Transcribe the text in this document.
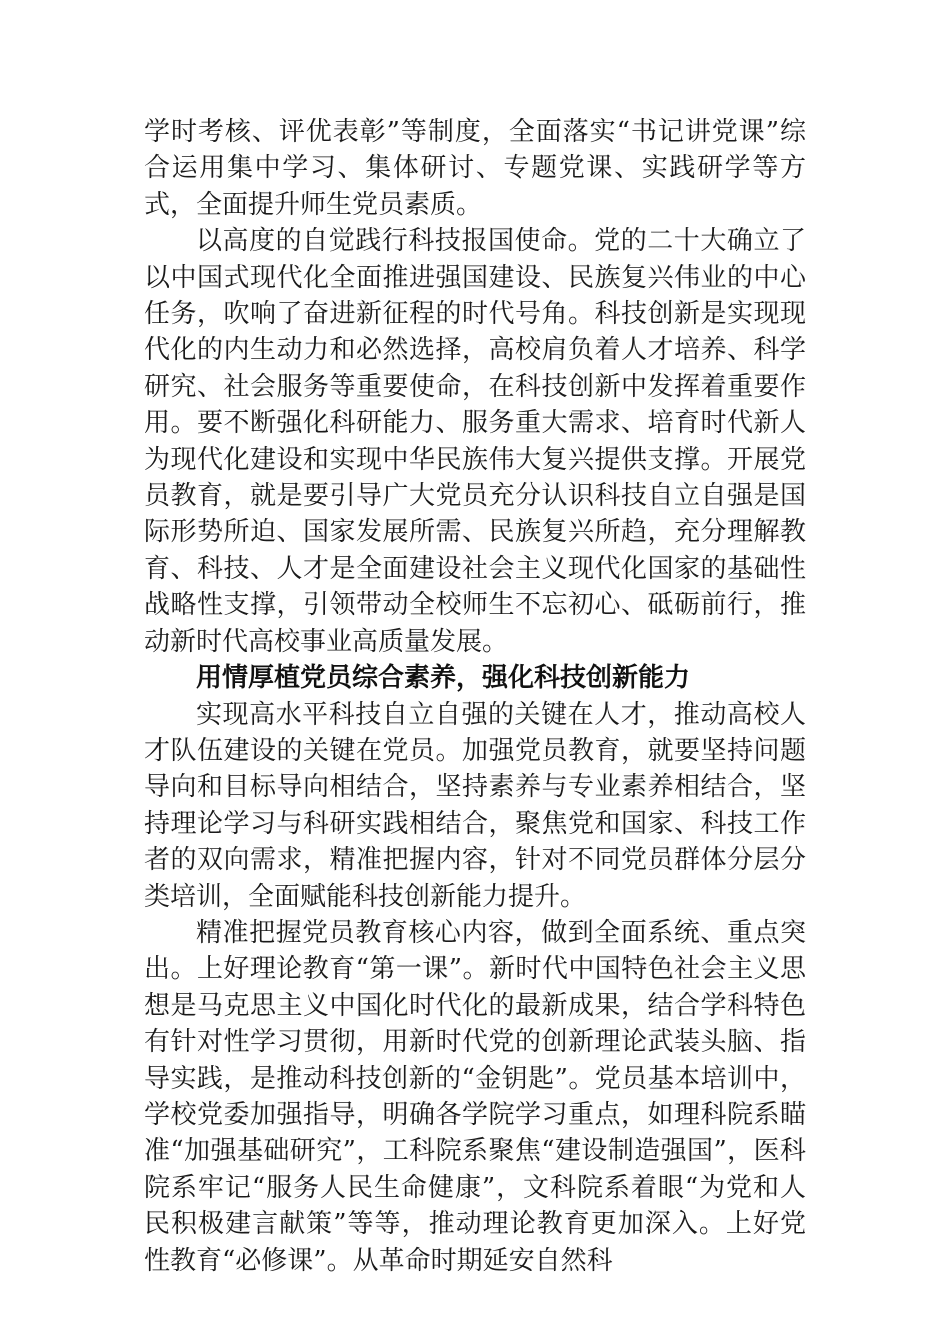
学时考核、评优表彰”等制度，全面落实“书记讲党课”综合运用集中学习、集体研讨、专题党课、实践研学等方式，全面提升师生党员素质。

以高度的自觉践行科技报国使命。党的二十大确立了以中国式现代化全面推进强国建设、民族复兴伟业的中心任务，吹响了奋进新征程的时代号角。科技创新是实现现代化的内生动力和必然选择，高校肩负着人才培养、科学研究、社会服务等重要使命，在科技创新中发挥着重要作用。要不断强化科研能力、服务重大需求、培育时代新人为现代化建设和实现中华民族伟大复兴提供支撑。开展党员教育，就是要引导广大党员充分认识科技自立自强是国际形势所迫、国家发展所需、民族复兴所趋，充分理解教育、科技、人才是全面建设社会主义现代化国家的基础性战略性支撑，引领带动全校师生不忘初心、砥砺前行，推动新时代高校事业高质量发展。

用情厚植党员综合素养，强化科技创新能力

实现高水平科技自立自强的关键在人才，推动高校人才队伍建设的关键在党员。加强党员教育，就要坚持问题导向和目标导向相结合，坚持素养与专业素养相结合，坚持理论学习与科研实践相结合，聚焦党和国家、科技工作者的双向需求，精准把握内容，针对不同党员群体分层分类培训，全面赋能科技创新能力提升。

精准把握党员教育核心内容，做到全面系统、重点突出。上好理论教育“第一课”。新时代中国特色社会主义思想是马克思主义中国化时代化的最新成果，结合学科特色有针对性学习贯彻，用新时代党的创新理论武装头脑、指导实践，是推动科技创新的“金钥匙”。党员基本培训中，学校党委加强指导，明确各学院学习重点，如理科院系瞄准“加强基础研究”，工科院系聚焦“建设制造强国”，医科院系牢记“服务人民生命健康”，文科院系着眼“为党和人民积极建言献策”等等，推动理论教育更加深入。上好党性教育“必修课”。从革命时期延安自然科
